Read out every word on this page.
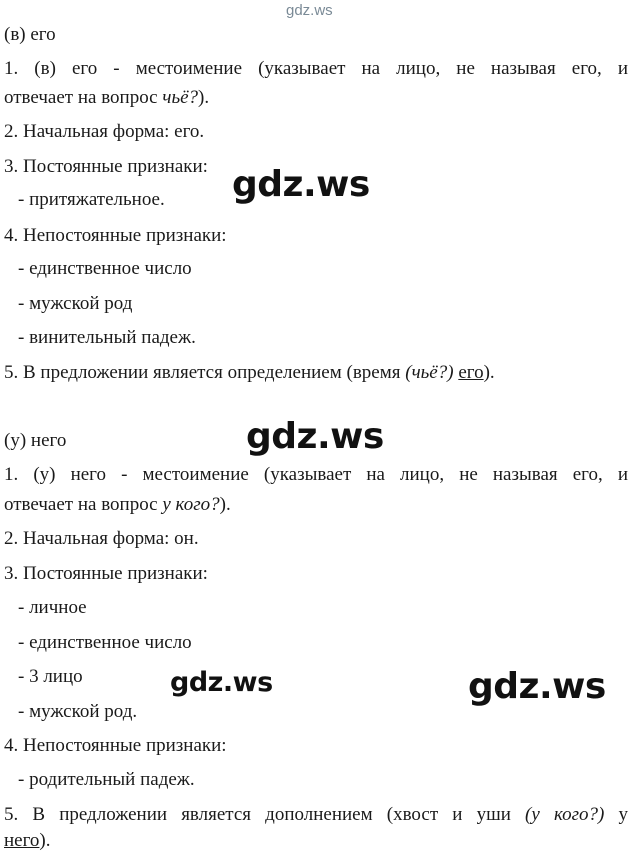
gdz.ws
gdz.ws
gdz.ws
gdz.ws	gdz.ws
(в) его
1. (в) его - местоимение (указывает на лицо, не называя его, и
отвечает на вопрос чьё?).
2. Начальная форма: его.
3. Постоянные признаки:
- притяжательное.
4. Непостоянные признаки:
- единственное число
- мужской род
- винительный падеж.
5. В предложении является определением (время (чьё?) его).
(у) него
1. (у) него - местоимение (указывает на лицо, не называя его, и
отвечает на вопрос у кого?).
2. Начальная форма: он.
3. Постоянные признаки:
- личное
- единственное число
- 3 лицо
- мужской род.
4. Непостоянные признаки:
- родительный падеж.
5. В предложении является дополнением (хвост и уши (у кого?) у
него).
